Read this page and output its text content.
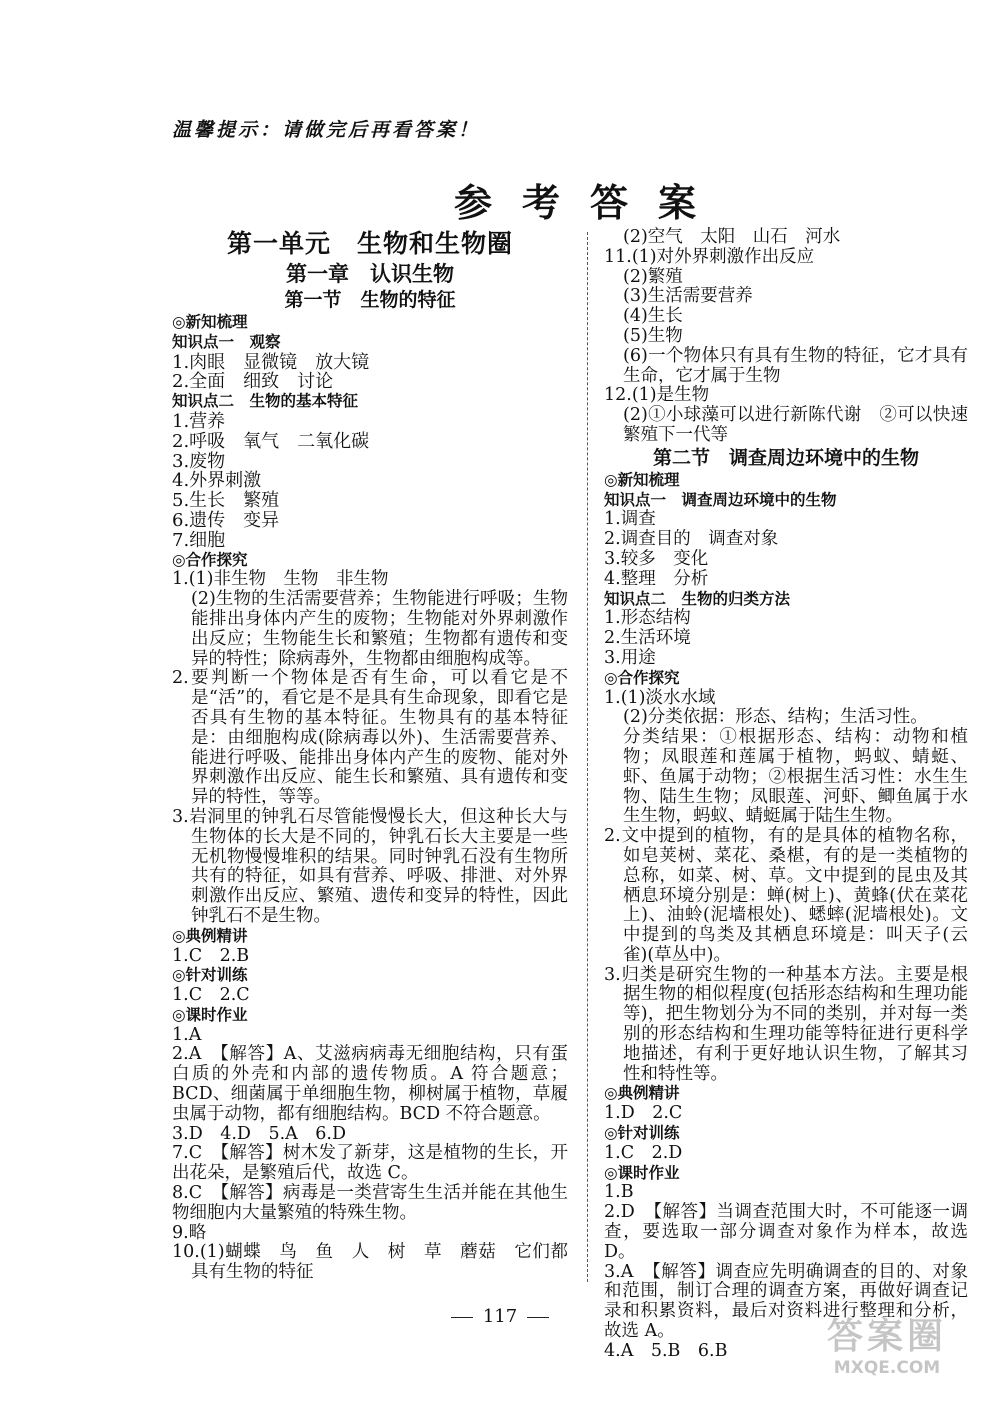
温馨提示：请做完后再看答案！

参考答案
第一单元　生物和生物圈
第一章　认识生物
第一节　生物的特征

◎新知梳理

知识点一　观察

1.肉眼　显微镜　放大镜

2.全面　细致　讨论

知识点二　生物的基本特征

1.营养

2.呼吸　氧气　二氧化碳

3.废物

4.外界刺激

5.生长　繁殖

6.遗传　变异

7.细胞

◎合作探究

1.(1)非生物　生物　非生物

(2)生物的生活需要营养；生物能进行呼吸；生物能排出身体内产生的废物；生物能对外界刺激作出反应；生物能生长和繁殖；生物都有遗传和变异的特性；除病毒外，生物都由细胞构成等。

2.要判断一个物体是否有生命，可以看它是不是“活”的，看它是不是具有生命现象，即看它是否具有生物的基本特征。生物具有的基本特征是：由细胞构成(除病毒以外)、生活需要营养、能进行呼吸、能排出身体内产生的废物、能对外界刺激作出反应、能生长和繁殖、具有遗传和变异的特性，等等。

3.岩洞里的钟乳石尽管能慢慢长大，但这种长大与生物体的长大是不同的，钟乳石长大主要是一些无机物慢慢堆积的结果。同时钟乳石没有生物所共有的特征，如具有营养、呼吸、排泄、对外界刺激作出反应、繁殖、遗传和变异的特性，因此钟乳石不是生物。

◎典例精讲

1.C　2.B

◎针对训练

1.C　2.C

◎课时作业

1.A

2.A　【解答】A、艾滋病病毒无细胞结构，只有蛋白质的外壳和内部的遗传物质。A 符合题意；BCD、细菌属于单细胞生物，柳树属于植物，草履虫属于动物，都有细胞结构。BCD 不符合题意。

3.D　4.D　5.A　6.D

7.C　【解答】树木发了新芽，这是植物的生长，开出花朵，是繁殖后代，故选 C。

8.C　【解答】病毒是一类营寄生生活并能在其他生物细胞内大量繁殖的特殊生物。

9.略

10.(1)蝴蝶　鸟　鱼　人　树　草　蘑菇　它们都具有生物的特征

(2)空气　太阳　山石　河水

11.(1)对外界刺激作出反应

(2)繁殖

(3)生活需要营养

(4)生长

(5)生物

(6)一个物体只有具有生物的特征，它才具有生命，它才属于生物

12.(1)是生物

(2)①小球藻可以进行新陈代谢　②可以快速繁殖下一代等

第二节　调查周边环境中的生物

◎新知梳理

知识点一　调查周边环境中的生物

1.调查

2.调查目的　调查对象

3.较多　变化

4.整理　分析

知识点二　生物的归类方法

1.形态结构

2.生活环境

3.用途

◎合作探究

1.(1)淡水水域

(2)分类依据：形态、结构；生活习性。

分类结果：①根据形态、结构：动物和植物；凤眼莲和莲属于植物，蚂蚁、蜻蜓、虾、鱼属于动物；②根据生活习性：水生生物、陆生生物；凤眼莲、河虾、鲫鱼属于水生生物，蚂蚁、蜻蜓属于陆生生物。

2.文中提到的植物，有的是具体的植物名称，如皂荚树、菜花、桑椹，有的是一类植物的总称，如菜、树、草。文中提到的昆虫及其栖息环境分别是：蝉(树上)、黄蜂(伏在菜花上)、油蛉(泥墙根处)、蟋蟀(泥墙根处)。文中提到的鸟类及其栖息环境是：叫天子(云雀)(草丛中)。

3.归类是研究生物的一种基本方法。主要是根据生物的相似程度(包括形态结构和生理功能等)，把生物划分为不同的类别，并对每一类别的形态结构和生理功能等特征进行更科学地描述，有利于更好地认识生物，了解其习性和特性等。

◎典例精讲

1.D　2.C

◎针对训练

1.C　2.D

◎课时作业

1.B

2.D　【解答】当调查范围大时，不可能逐一调查，要选取一部分调查对象作为样本，故选 D。

3.A　【解答】调查应先明确调查的目的、对象和范围，制订合理的调查方案，再做好调查记录和积累资料，最后对资料进行整理和分析，故选 A。

4.A　5.B　6.B

117	答案圈

MXQE.COM
